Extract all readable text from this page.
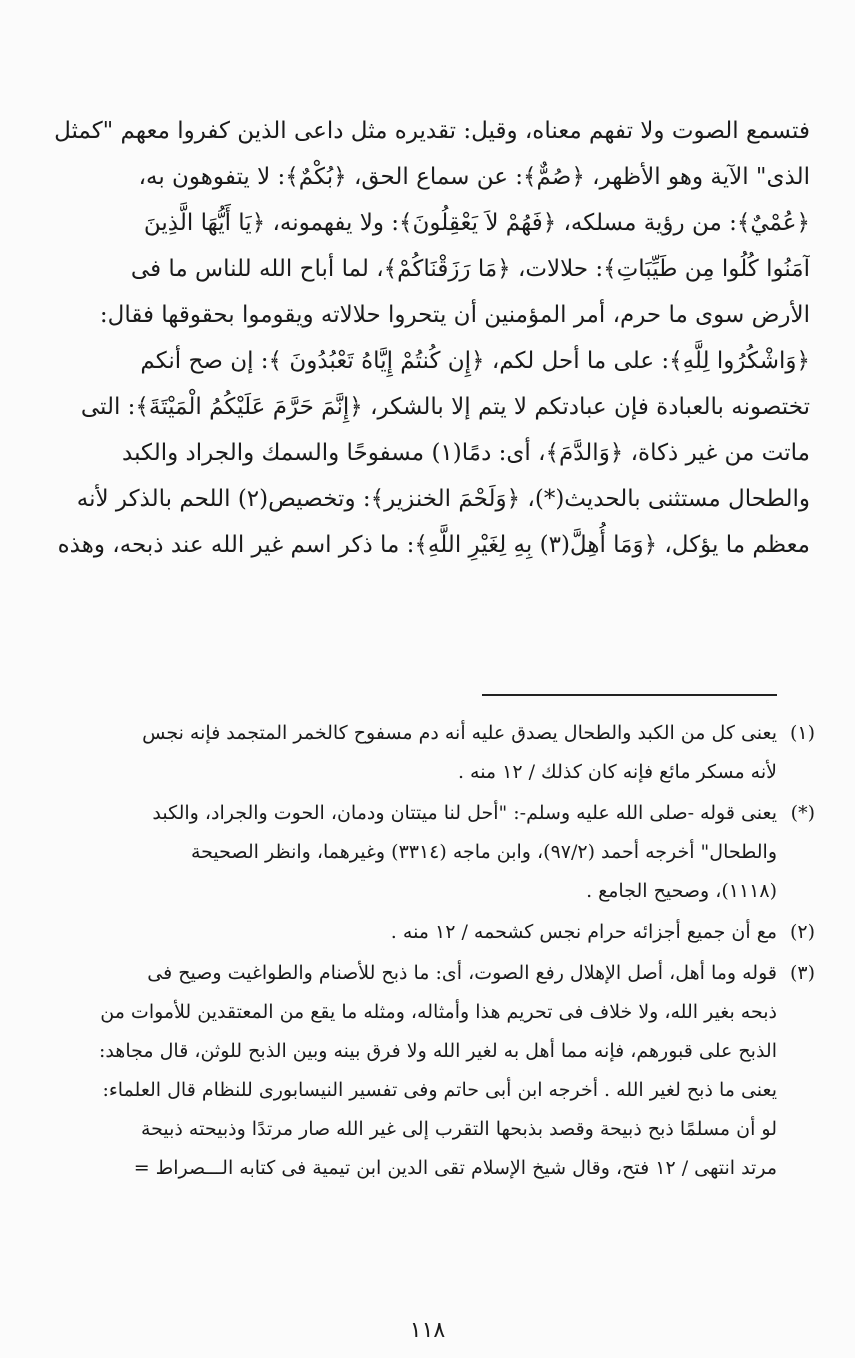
فتسمع الصوت ولا تفهم معناه، وقيل: تقديره مثل داعى الذين كفروا معهم "كمثل
الذى" الآية وهو الأظهر، ﴿صُمٌّ﴾: عن سماع الحق، ﴿بُكْمٌ﴾: لا يتفوهون به،
﴿عُمْيٌ﴾: من رؤية مسلكه، ﴿فَهُمْ لاَ يَعْقِلُونَ﴾: ولا يفهمونه، ﴿يَا أَيُّهَا الَّذِينَ
آمَنُوا كُلُوا مِن طَيِّبَاتِ﴾: حلالات، ﴿مَا رَزَقْنَاكُمْ﴾، لما أباح الله للناس ما فى
الأرض سوى ما حرم، أمر المؤمنين أن يتحروا حلالاته ويقوموا بحقوقها فقال:
﴿وَاشْكُرُوا لِلَّهِ﴾: على ما أحل لكم، ﴿إِن كُنتُمْ إِيَّاهُ تَعْبُدُونَ ﴾: إن صح أنكم
تختصونه بالعبادة فإن عبادتكم لا يتم إلا بالشكر، ﴿إِنَّمَ حَرَّمَ عَلَيْكُمُ الْمَيْتَةَ﴾: التى
ماتت من غير ذكاة، ﴿وَالدَّمَ﴾، أى: دمًا(١) مسفوحًا والسمك والجراد والكبد
والطحال مستثنى بالحديث(*)، ﴿وَلَحْمَ الخنزير﴾: وتخصيص(٢) اللحم بالذكر لأنه
معظم ما يؤكل، ﴿وَمَا أُهِلَّ(٣) بِهِ لِغَيْرِ اللَّهِ﴾: ما ذكر اسم غير الله عند ذبحه، وهذه
(١)
يعنى كل من الكبد والطحال يصدق عليه أنه دم مسفوح كالخمر المتجمد فإنه نجس
لأنه مسكر مائع فإنه كان كذلك / ١٢ منه .
(*)
يعنى قوله -صلى الله عليه وسلم-: "أحل لنا ميتتان ودمان، الحوت والجراد، والكبد
والطحال" أخرجه أحمد (٩٧/٢)، وابن ماجه (٣٣١٤) وغيرهما، وانظر الصحيحة
(١١١٨)، وصحيح الجامع .
(٢)
مع أن جميع أجزائه حرام نجس كشحمه / ١٢ منه .
(٣)
قوله وما أهل، أصل الإهلال رفع الصوت، أى: ما ذبح للأصنام والطواغيت وصيح فى
ذبحه بغير الله، ولا خلاف فى تحريم هذا وأمثاله، ومثله ما يقع من المعتقدين للأموات من
الذبح على قبورهم، فإنه مما أهل به لغير الله ولا فرق بينه وبين الذبح للوثن، قال مجاهد:
يعنى ما ذبح لغير الله . أخرجه ابن أبى حاتم وفى تفسير النيسابورى للنظام قال العلماء:
لو أن مسلمًا ذبح ذبيحة وقصد بذبحها التقرب إلى غير الله صار مرتدًا وذبيحته ذبيحة
مرتد انتهى / ١٢ فتح، وقال شيخ الإسلام تقى الدين ابن تيمية فى كتابه الـــصراط =
١١٨
